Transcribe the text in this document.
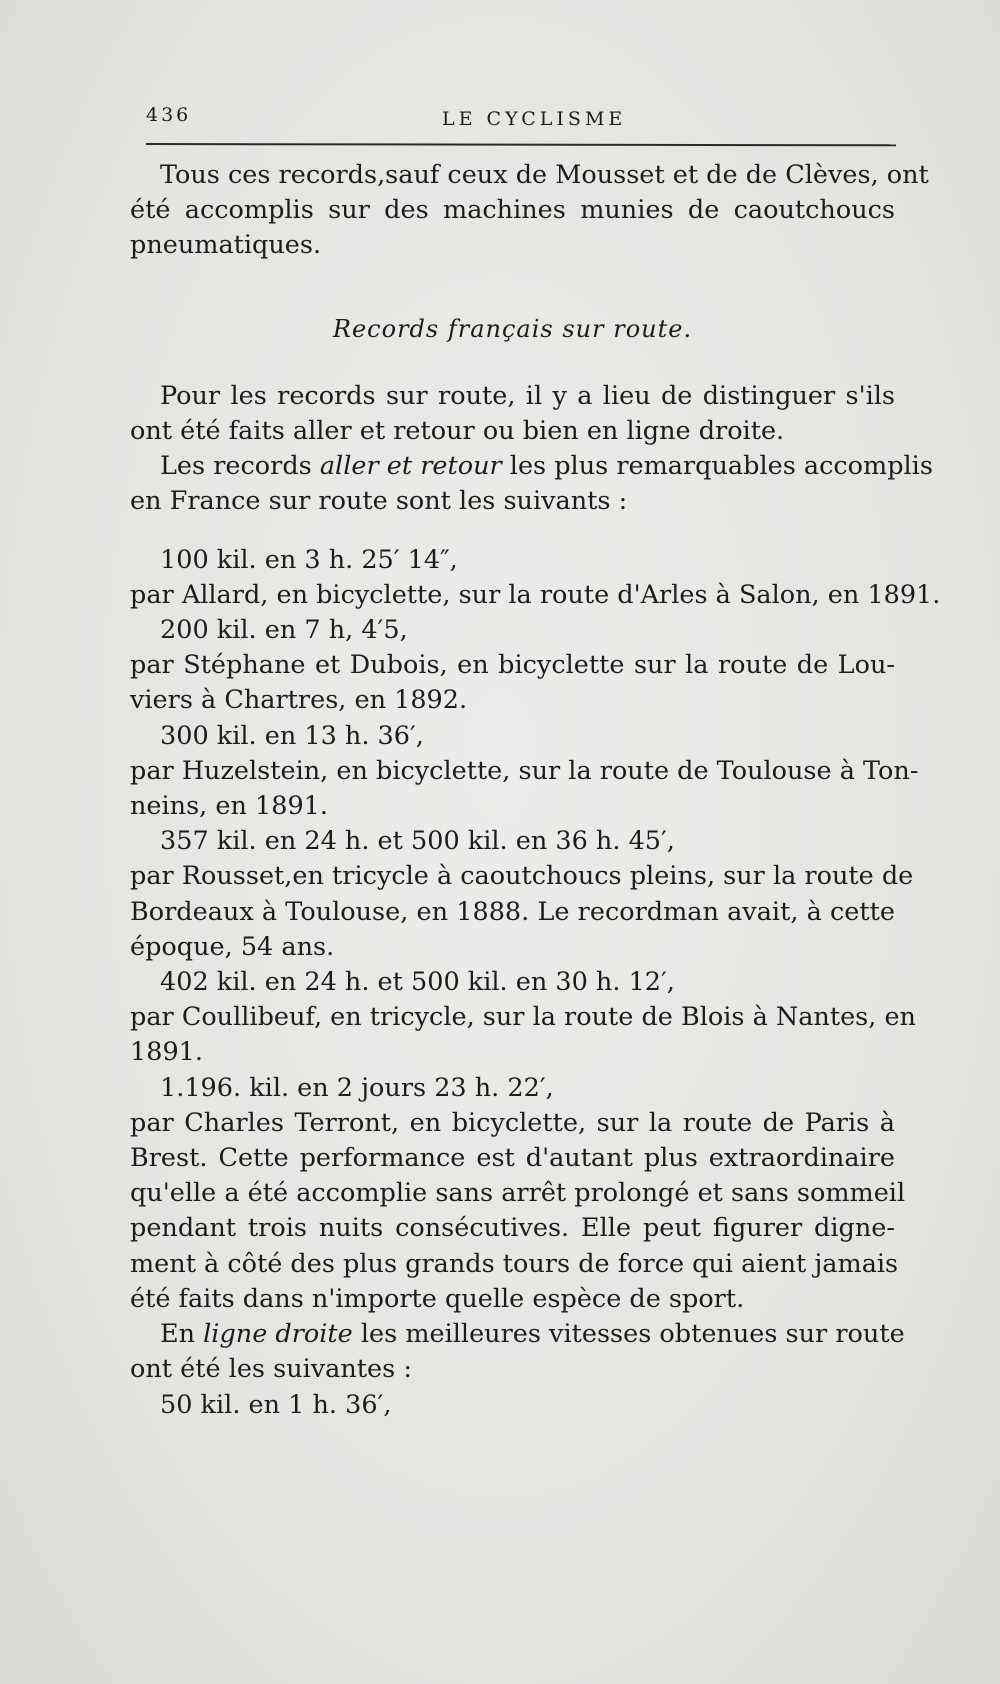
436	LE CYCLISME
Tous ces records,sauf ceux de Mousset et de de Clèves, ont
été accomplis sur des machines munies de caoutchoucs
pneumatiques.
Records français sur route.
Pour les records sur route, il y a lieu de distinguer s'ils
ont été faits aller et retour ou bien en ligne droite.
Les records aller et retour les plus remarquables accomplis
en France sur route sont les suivants :
100 kil. en 3 h. 25′ 14″,
par Allard, en bicyclette, sur la route d'Arles à Salon, en 1891.
200 kil. en 7 h, 4′5,
par Stéphane et Dubois, en bicyclette sur la route de Lou-
viers à Chartres, en 1892.
300 kil. en 13 h. 36′,
par Huzelstein, en bicyclette, sur la route de Toulouse à Ton-
neins, en 1891.
357 kil. en 24 h. et 500 kil. en 36 h. 45′,
par Rousset,en tricycle à caoutchoucs pleins, sur la route de
Bordeaux à Toulouse, en 1888. Le recordman avait, à cette
époque, 54 ans.
402 kil. en 24 h. et 500 kil. en 30 h. 12′,
par Coullibeuf, en tricycle, sur la route de Blois à Nantes, en
1891.
1.196. kil. en 2 jours 23 h. 22′,
par Charles Terront, en bicyclette, sur la route de Paris à
Brest. Cette performance est d'autant plus extraordinaire
qu'elle a été accomplie sans arrêt prolongé et sans sommeil
pendant trois nuits consécutives. Elle peut figurer digne-
ment à côté des plus grands tours de force qui aient jamais
été faits dans n'importe quelle espèce de sport.
En ligne droite les meilleures vitesses obtenues sur route
ont été les suivantes :
50 kil. en 1 h. 36′,
